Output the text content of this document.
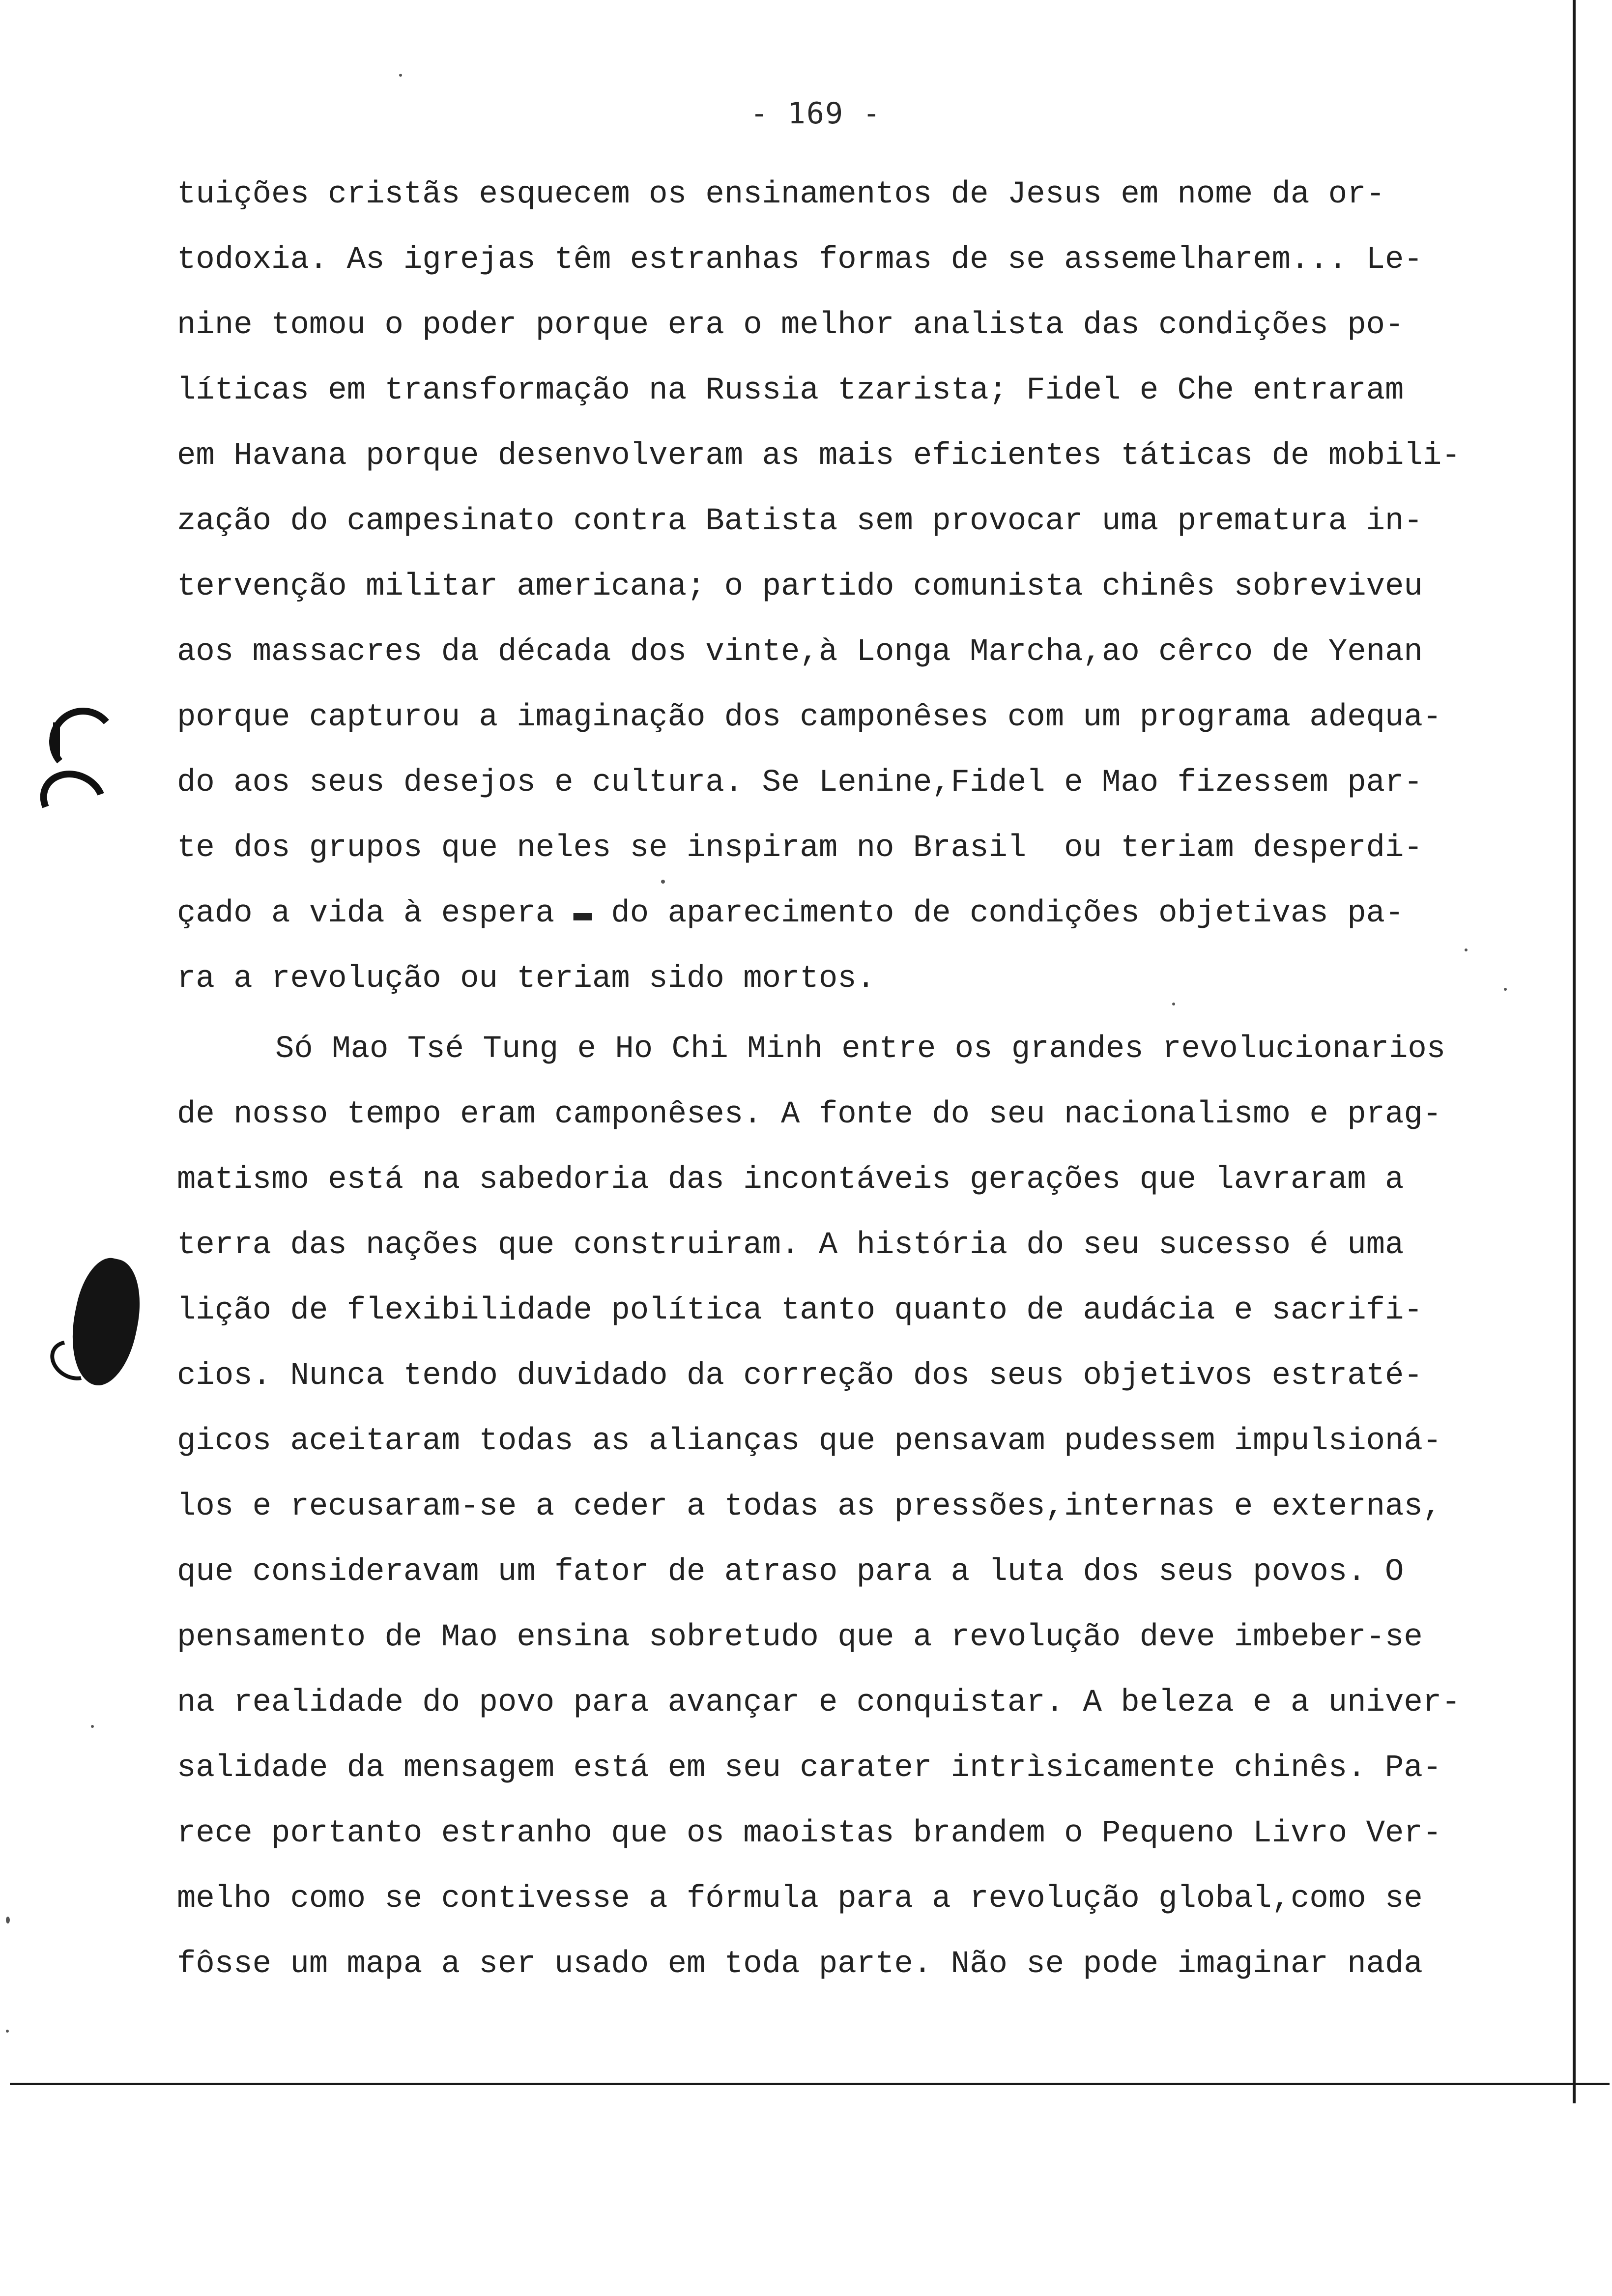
- 169 -
tuições cristãs esquecem os ensinamentos de Jesus em nome da or-
todoxia. As igrejas têm estranhas formas de se assemelharem... Le-
nine tomou o poder porque era o melhor analista das condições po-
líticas em transformação na Russia tzarista; Fidel e Che entraram
em Havana porque desenvolveram as mais eficientes táticas de mobili-
zação do campesinato contra Batista sem provocar uma prematura in-
tervenção militar americana; o partido comunista chinês sobreviveu
aos massacres da década dos vinte,à Longa Marcha,ao cêrco de Yenan
porque capturou a imaginação dos camponêses com um programa adequa-
do aos seus desejos e cultura. Se Lenine,Fidel e Mao fizessem par-
te dos grupos que neles se inspiram no Brasil  ou teriam desperdi-
çado a vida à espera ▬ do aparecimento de condições objetivas pa-
ra a revolução ou teriam sido mortos.
Só Mao Tsé Tung e Ho Chi Minh entre os grandes revolucionarios
de nosso tempo eram camponêses. A fonte do seu nacionalismo e prag-
matismo está na sabedoria das incontáveis gerações que lavraram a
terra das nações que construiram. A história do seu sucesso é uma
lição de flexibilidade política tanto quanto de audácia e sacrifi-
cios. Nunca tendo duvidado da correção dos seus objetivos estraté-
gicos aceitaram todas as alianças que pensavam pudessem impulsioná-
los e recusaram-se a ceder a todas as pressões,internas e externas,
que consideravam um fator de atraso para a luta dos seus povos. O
pensamento de Mao ensina sobretudo que a revolução deve imbeber-se
na realidade do povo para avançar e conquistar. A beleza e a univer-
salidade da mensagem está em seu carater intrìsicamente chinês. Pa-
rece portanto estranho que os maoistas brandem o Pequeno Livro Ver-
melho como se contivesse a fórmula para a revolução global,como se
fôsse um mapa a ser usado em toda parte. Não se pode imaginar nada
